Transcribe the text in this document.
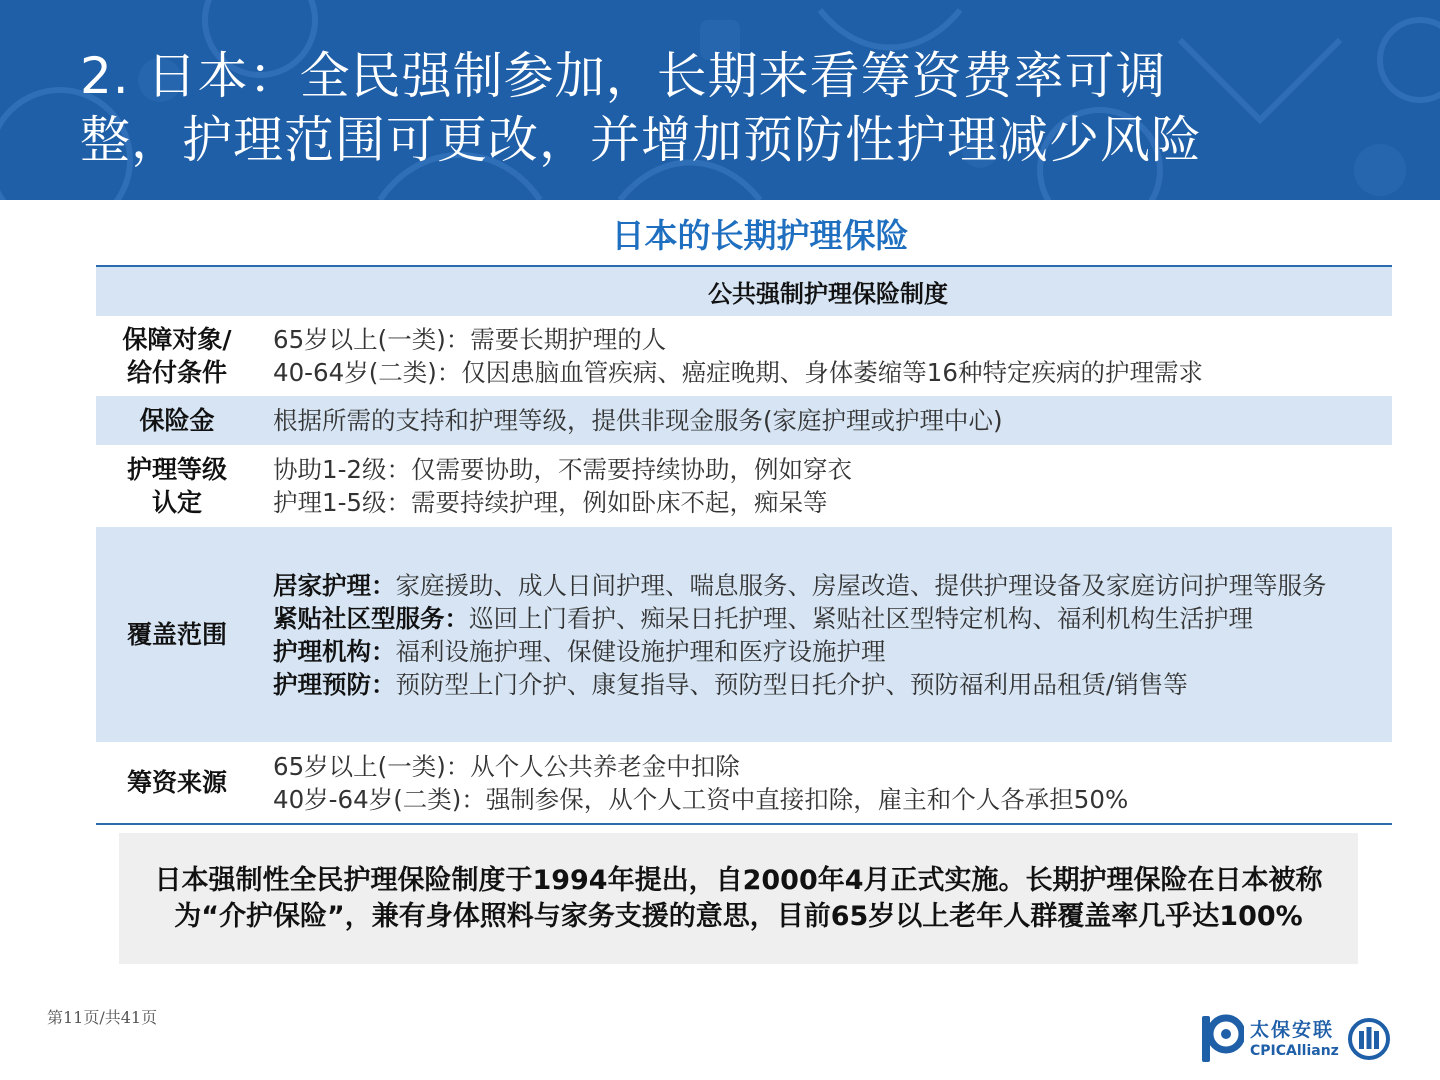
2. 日本：全民强制参加，长期来看筹资费率可调
整，护理范围可更改，并增加预防性护理减少风险
日本的长期护理保险
公共强制护理保险制度
保障对象/
给付条件
65岁以上(一类)：需要长期护理的人
40-64岁(二类)：仅因患脑血管疾病、癌症晚期、身体萎缩等16种特定疾病的护理需求
保险金	根据所需的支持和护理等级，提供非现金服务(家庭护理或护理中心)
护理等级
认定
协助1-2级：仅需要协助，不需要持续协助，例如穿衣
护理1-5级：需要持续护理，例如卧床不起，痴呆等
覆盖范围
居家护理：家庭援助、成人日间护理、喘息服务、房屋改造、提供护理设备及家庭访问护理等服务
紧贴社区型服务：巡回上门看护、痴呆日托护理、紧贴社区型特定机构、福利机构生活护理
护理机构：福利设施护理、保健设施护理和医疗设施护理
护理预防：预防型上门介护、康复指导、预防型日托介护、预防福利用品租赁/销售等
筹资来源
65岁以上(一类)：从个人公共养老金中扣除
40岁-64岁(二类)：强制参保，从个人工资中直接扣除，雇主和个人各承担50%
日本强制性全民护理保险制度于1994年提出，自2000年4月正式实施。长期护理保险在日本被称为“介护保险”，兼有身体照料与家务支援的意思，目前65岁以上老年人群覆盖率几乎达100%
第11页/共41页
太保安联
CPICAllianz
